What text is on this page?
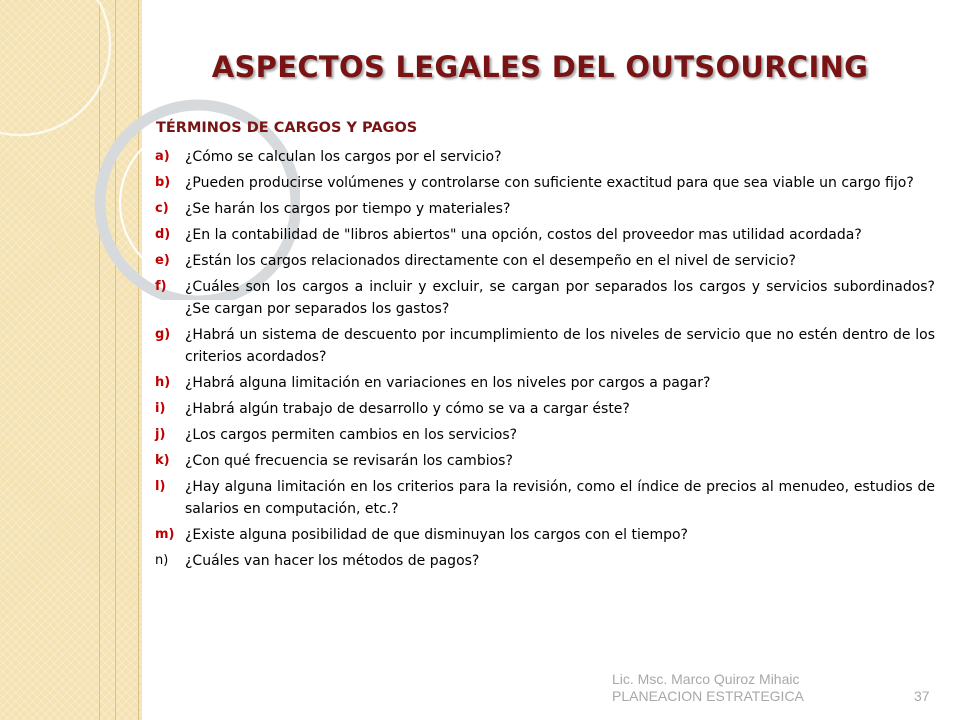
ASPECTOS LEGALES DEL OUTSOURCING
TÉRMINOS DE CARGOS Y PAGOS
a) ¿Cómo se calculan los cargos por el servicio?
b) ¿Pueden producirse volúmenes y controlarse con suficiente exactitud para que sea viable un cargo fijo?
c) ¿Se harán los cargos por tiempo y materiales?
d) ¿En la contabilidad de "libros abiertos" una opción, costos del proveedor mas utilidad acordada?
e) ¿Están los cargos relacionados directamente con el desempeño en el nivel de servicio?
f) ¿Cuáles son los cargos a incluir y excluir, se cargan por separados los cargos y servicios subordinados? ¿Se cargan por separados los gastos?
g) ¿Habrá un sistema de descuento por incumplimiento de los niveles de servicio que no estén dentro de los criterios acordados?
h) ¿Habrá alguna limitación en variaciones en los niveles por cargos a pagar?
i) ¿Habrá algún trabajo de desarrollo y cómo se va a cargar éste?
j) ¿Los cargos permiten cambios en los servicios?
k) ¿Con qué frecuencia se revisarán los cambios?
l) ¿Hay alguna limitación en los criterios para la revisión, como el índice de precios al menudeo, estudios de salarios en computación, etc.?
m) ¿Existe alguna posibilidad de que disminuyan los cargos con el tiempo?
n) ¿Cuáles van hacer los métodos de pagos?
Lic. Msc. Marco Quiroz Mihaic
PLANEACION ESTRATEGICA	37
